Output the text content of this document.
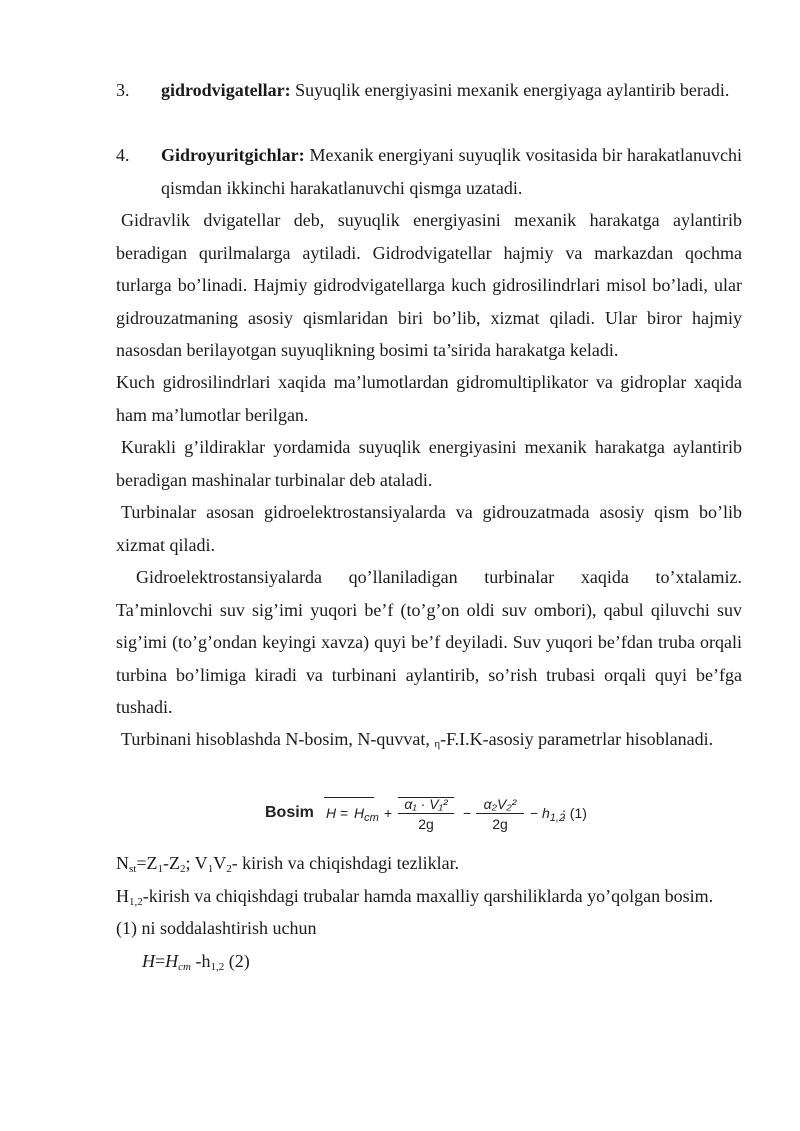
3.	gidrodvigatellar: Suyuqlik energiyasini mexanik energiyaga aylantirib beradi.
4.	Gidroyuritgichlar: Mexanik energiyani suyuqlik vositasida bir harakatlanuvchi qismdan ikkinchi harakatlanuvchi qismga uzatadi.

Gidravlik dvigatellar deb, suyuqlik energiyasini mexanik harakatga aylantirib beradigan qurilmalarga aytiladi. Gidrodvigatellar hajmiy va markazdan qochma turlarga bo’linadi. Hajmiy gidrodvigatellarga kuch gidrosilindrlari misol bo’ladi, ular gidrouzatmaning asosiy qismlaridan biri bo’lib, xizmat qiladi. Ular biror hajmiy nasosdan berilayotgan suyuqlikning bosimi ta’sirida harakatga keladi.

Kuch gidrosilindrlari xaqida ma’lumotlardan gidromultiplikator va gidroplar xaqida ham ma’lumotlar berilgan.

Kurakli g’ildiraklar yordamida suyuqlik energiyasini mexanik harakatga aylantirib beradigan mashinalar turbinalar deb ataladi.

Turbinalar asosan gidroelektrostansiyalarda va gidrouzatmada asosiy qism bo’lib xizmat qiladi.

Gidroelektrostansiyalarda qo’llaniladigan turbinalar xaqida to’xtalamiz. Ta’minlovchi suv sig’imi yuqori be’f (to’g’on oldi suv ombori), qabul qiluvchi suv sig’imi (to’g’ondan keyingi xavza) quyi be’f deyiladi. Suv yuqori be’fdan truba orqali turbina bo’limiga kiradi va turbinani aylantirib, so’rish trubasi orqali quyi be’fga tushadi.

Turbinani hisoblashda N-bosim, N-quvvat, η-F.I.K-asosiy parametrlar hisoblanadi.

Bosim $H = H_{ст} + \frac{\text{α₁ · V₁²}}{2g} - \frac{\text{α₂V₂²}}{2g} - h_{1,2}$
; (1)
$N_{st}=Z_1-Z_2$; $V_1V_2-$ kirish va chiqishdagi tezliklar.
$H_{1,2}$-kirish va chiqishdagi trubalar hamda maxalliy qarshiliklarda yo’qolgan bosim.
(1) ni soddalashtirish uchun
$H=H_{ст}$ $-h_{1,2}$ (2)
